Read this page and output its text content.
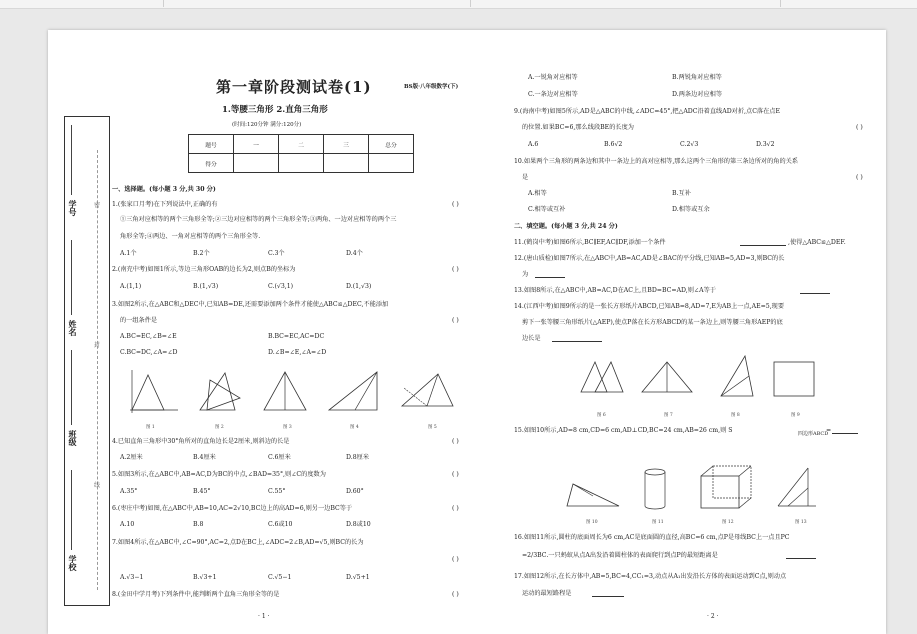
学号
姓名
班级
学校
密
封
线
第一章阶段测试卷(1)	BS版·八年级数学(下)
1.等腰三角形 2.直角三角形
(时间:120分钟 满分:120分)
题号	一	二	三	总分
得分				
一、选择题。(每小题 3 分,共 30 分)
1.(张家口月考)在下列说法中,正确的有	( )
①三角对应相等的两个三角形全等;②三边对应相等的两个三角形全等;③两角、一边对应相等的两个三
角形全等;④两边、一角对应相等的两个三角形全等.
A.1个	B.2个	C.3个	D.4个
2.(南充中考)如图1所示,等边三角形OAB的边长为2,则点B的坐标为	( )
A.(1,1)	B.(1,√3)	C.(√3,1)	D.(1,√3)
3.如图2所示,在△ABC和△DEC中,已知AB=DE,还需要添加两个条件才能使△ABC≌△DEC,不能添加
的一组条件是	( )
A.BC=EC,∠B=∠E	B.BC=EC,AC=DC
C.BC=DC,∠A=∠D	D.∠B=∠E,∠A=∠D
图 1	图 2	图 3	图 4	图 5
4.已知直角三角形中30°角所对的直角边长是2厘米,则斜边的长是	( )
A.2厘米	B.4厘米	C.6厘米	D.8厘米
5.如图3所示,在△ABC中,AB=AC,D为BC的中点,∠BAD=35°,则∠C的度数为	( )
A.35°	B.45°	C.55°	D.60°
6.(枣庄中考)如图,在△ABC中,AB=10,AC=2√10,BC边上的高AD=6,则另一边BC等于	( )
A.10	B.8	C.6或10	D.8或10
7.如图4所示,在△ABC中,∠C=90°,AC=2,点D在BC上,∠ADC=2∠B,AD=√5,则BC的长为
( )
A.√3−1	B.√3+1	C.√5−1	D.√5+1
8.(金田中学月考)下列条件中,能判断两个直角三角形全等的是	( )
· 1 ·
A.一锐角对应相等	B.两锐角对应相等
C.一条边对应相等	D.两条边对应相等
9.(海南中考)如图5所示,AD是△ABC的中线,∠ADC=45°,把△ADC沿着直线AD对折,点C落在点E
的位置.如果BC=6,那么线段BE的长度为	( )
A.6	B.6√2	C.2√3	D.3√2
10.如果两个三角形的两条边和其中一条边上的高对应相等,那么这两个三角形的第三条边所对的角的关系
是	( )
A.相等	B.互补
C.相等或互补	D.相等或互余
二、填空题。(每小题 3 分,共 24 分)
11.(鹤岗中考)如图6所示,BC∥EF,AC∥DF,添加一个条件	,使得△ABC≌△DEF.
12.(唐山质检)如图7所示,在△ABC中,AB=AC,AD是∠BAC的平分线,已知AB=5,AD=3,则BC的长
为
13.如图8所示,在△ABC中,AB=AC,D在AC上,且BD=BC=AD,则∠A等于
14.(江西中考)如图9所示的是一张长方形纸片ABCD,已知AB=8,AD=7,E为AB上一点,AE=5,现要
剪下一张等腰三角形纸片(△AEP),使点P落在长方形ABCD的某一条边上,则等腰三角形AEP的底
边长是
图 6	图 7	图 8	图 9
15.如图10所示,AD=8 cm,CD=6 cm,AD⊥CD,BC=24 cm,AB=26 cm,则 S	四边形ABCD
=
图 10	图 11	图 12	图 13
16.如图11所示,圆柱的底面周长为6 cm,AC是底面圆的直径,高BC=6 cm,点P是母线BC上一点且PC
=2/3BC.一只蚂蚁从点A出发沿着圆柱体的表面爬行到点P的最短距离是
17.如图12所示,在长方体中,AB=5,BC=4,CC₁=3,动点从A₁出发沿长方体的表面运动到C点,则动点
运动的最短路程是
· 2 ·
